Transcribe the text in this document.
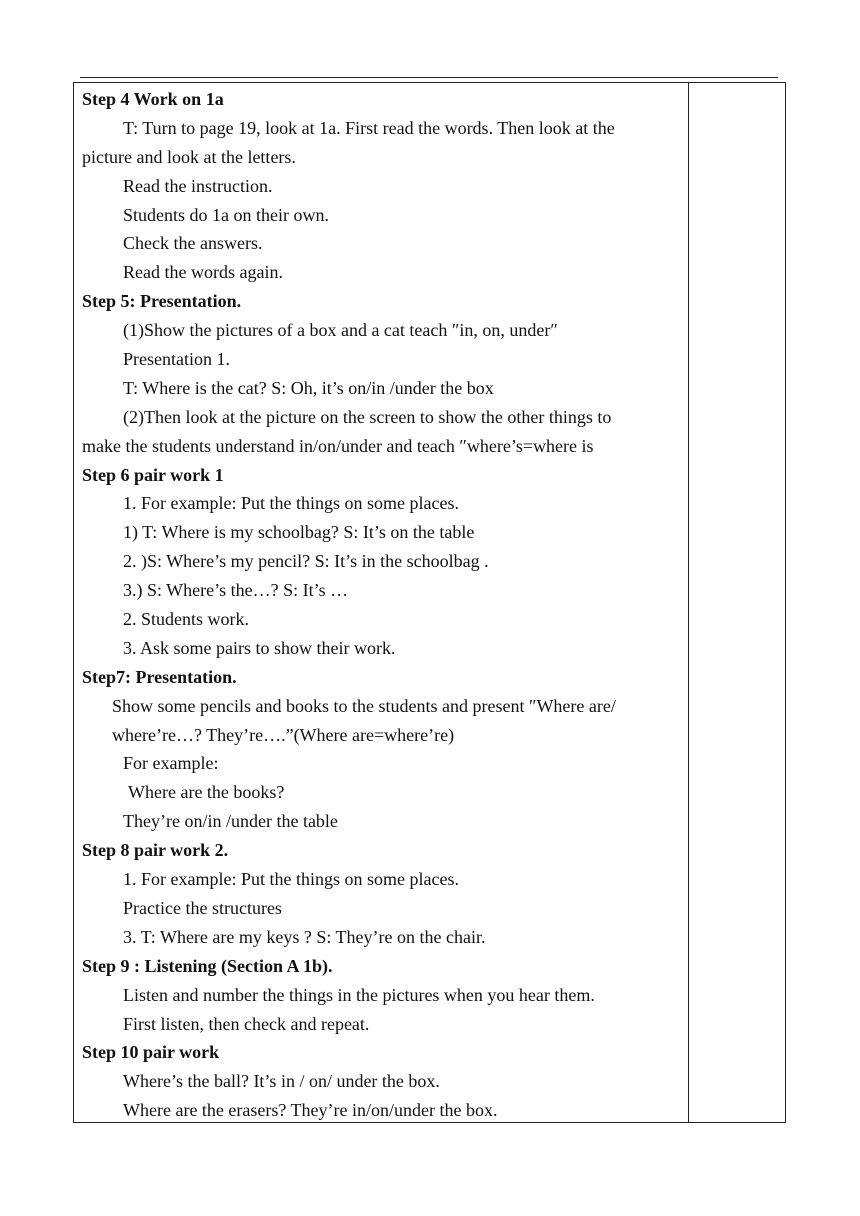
Step 4 Work on 1a
T: Turn to page 19, look at 1a. First read the words. Then look at the
picture and look at the letters.
Read the instruction.
Students do 1a on their own.
Check the answers.
Read the words again.
Step 5: Presentation.
(1)Show the pictures of a box and a cat teach ″in, on, under″
Presentation 1.
T: Where is the cat? S: Oh, it’s on/in /under the box
(2)Then look at the picture on the screen to show the other things to
make the students understand in/on/under and teach ″where’s=where is
Step 6 pair work 1
1. For example: Put the things on some places.
1) T: Where is my schoolbag? S: It’s on the table
2. )S: Where’s my pencil? S: It’s in the schoolbag .
3.) S: Where’s the…? S: It’s …
2. Students work.
3. Ask some pairs to show their work.
Step7: Presentation.
Show some pencils and books to the students and present ″Where are/
where’re…? They’re….”(Where are=where’re)
For example:
Where are the books?
They’re on/in /under the table
Step 8 pair work 2.
1. For example: Put the things on some places.
Practice the structures
3. T: Where are my keys ? S: They’re on the chair.
Step 9 : Listening (Section A 1b).
Listen and number the things in the pictures when you hear them.
First listen, then check and repeat.
Step 10 pair work
Where’s the ball? It’s in / on/ under the box.
Where are the erasers? They’re in/on/under the box.
